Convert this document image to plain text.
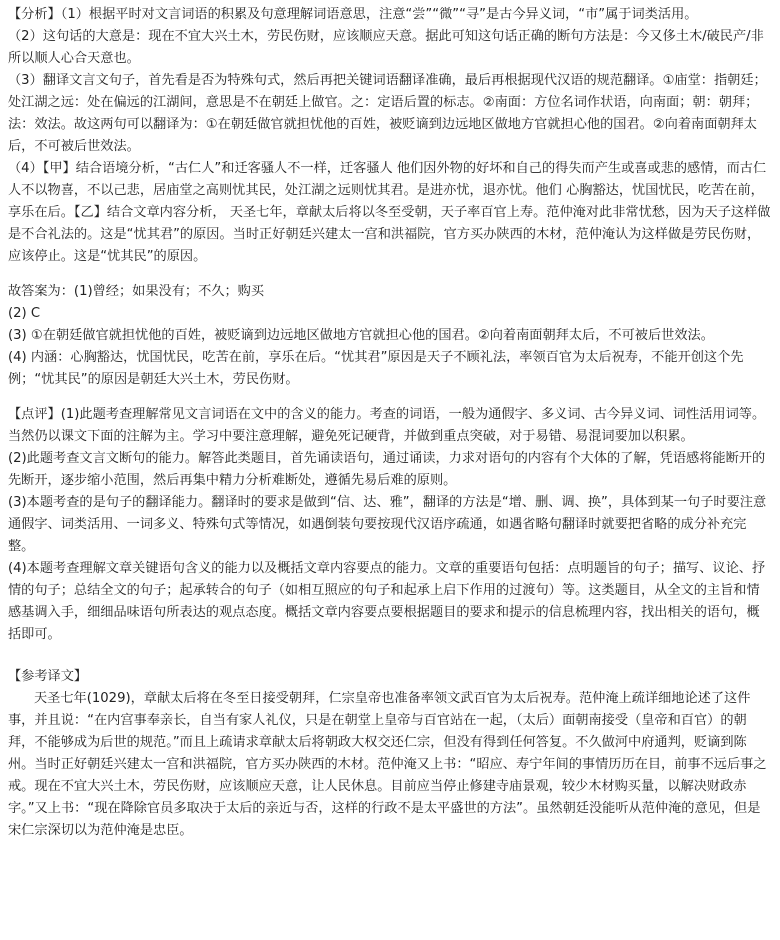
【分析】（1）根据平时对文言词语的积累及句意理解词语意思，注意“尝”“微”“寻”是古今异义词，“市”属于词类活用。

（2）这句话的大意是：现在不宜大兴土木，劳民伤财，应该顺应天意。据此可知这句话正确的断句方法是：今又侈土木/破民产/非所以顺人心合天意也。

（3）翻译文言文句子，首先看是否为特殊句式，然后再把关键词语翻译准确，最后再根据现代汉语的规范翻译。①庙堂：指朝廷；处江湖之远：处在偏远的江湖间，意思是不在朝廷上做官。之：定语后置的标志。②南面：方位名词作状语，向南面；朝：朝拜；法：效法。故这两句可以翻译为：①在朝廷做官就担忧他的百姓，被贬谪到边远地区做地方官就担心他的国君。②向着南面朝拜太后，不可被后世效法。

（4）【甲】结合语境分析，“古仁人”和迁客骚人不一样，迁客骚人 他们因外物的好坏和自己的得失而产生或喜或悲的感情，而古仁人不以物喜，不以己悲，居庙堂之高则忧其民，处江湖之远则忧其君。是进亦忧，退亦忧。他们 心胸豁达，忧国忧民，吃苦在前，享乐在后。【乙】结合文章内容分析， 天圣七年，章献太后将以冬至受朝，天子率百官上寿。范仲淹对此非常忧愁，因为天子这样做是不合礼法的。这是“忧其君”的原因。当时正好朝廷兴建太一宫和洪福院，官方买办陕西的木材，范仲淹认为这样做是劳民伤财，应该停止。这是“忧其民”的原因。

故答案为：(1)曾经；如果没有；不久；购买

(2) C

(3) ①在朝廷做官就担忧他的百姓，被贬谪到边远地区做地方官就担心他的国君。②向着南面朝拜太后，不可被后世效法。

(4) 内涵：心胸豁达，忧国忧民，吃苦在前，享乐在后。“忧其君”原因是天子不顾礼法，率领百官为太后祝寿，不能开创这个先例；“忧其民”的原因是朝廷大兴土木，劳民伤财。

【点评】(1)此题考查理解常见文言词语在文中的含义的能力。考查的词语，一般为通假字、多义词、古今异义词、词性活用词等。当然仍以课文下面的注解为主。学习中要注意理解，避免死记硬背，并做到重点突破，对于易错、易混词要加以积累。

(2)此题考查文言文断句的能力。解答此类题目，首先诵读语句，通过诵读，力求对语句的内容有个大体的了解，凭语感将能断开的先断开，逐步缩小范围，然后再集中精力分析难断处，遵循先易后难的原则。

(3)本题考查的是句子的翻译能力。翻译时的要求是做到“信、达、雅”，翻译的方法是“增、删、调、换”，具体到某一句子时要注意通假字、词类活用、一词多义、特殊句式等情况，如遇倒装句要按现代汉语序疏通，如遇省略句翻译时就要把省略的成分补充完整。

(4)本题考查理解文章关键语句含义的能力以及概括文章内容要点的能力。文章的重要语句包括：点明题旨的句子；描写、议论、抒情的句子；总结全文的句子；起承转合的句子（如相互照应的句子和起承上启下作用的过渡句）等。这类题目，从全文的主旨和情感基调入手，细细品味语句所表达的观点态度。概括文章内容要点要根据题目的要求和提示的信息梳理内容，找出相关的语句，概括即可。

【参考译文】

天圣七年(1029)，章献太后将在冬至日接受朝拜，仁宗皇帝也准备率领文武百官为太后祝寿。范仲淹上疏详细地论述了这件事，并且说：“在内宫事奉亲长，自当有家人礼仪，只是在朝堂上皇帝与百官站在一起，（太后）面朝南接受（皇帝和百官）的朝拜，不能够成为后世的规范。”而且上疏请求章献太后将朝政大权交还仁宗，但没有得到任何答复。不久做河中府通判，贬谪到陈州。当时正好朝廷兴建太一宫和洪福院，官方买办陕西的木材。范仲淹又上书：“昭应、寿宁年间的事情历历在目，前事不远后事之戒。现在不宜大兴土木，劳民伤财，应该顺应天意，让人民休息。目前应当停止修建寺庙景观，较少木材购买量，以解决财政赤字。”又上书：“现在降除官员多取决于太后的亲近与否，这样的行政不是太平盛世的方法”。虽然朝廷没能听从范仲淹的意见，但是宋仁宗深切以为范仲淹是忠臣。
